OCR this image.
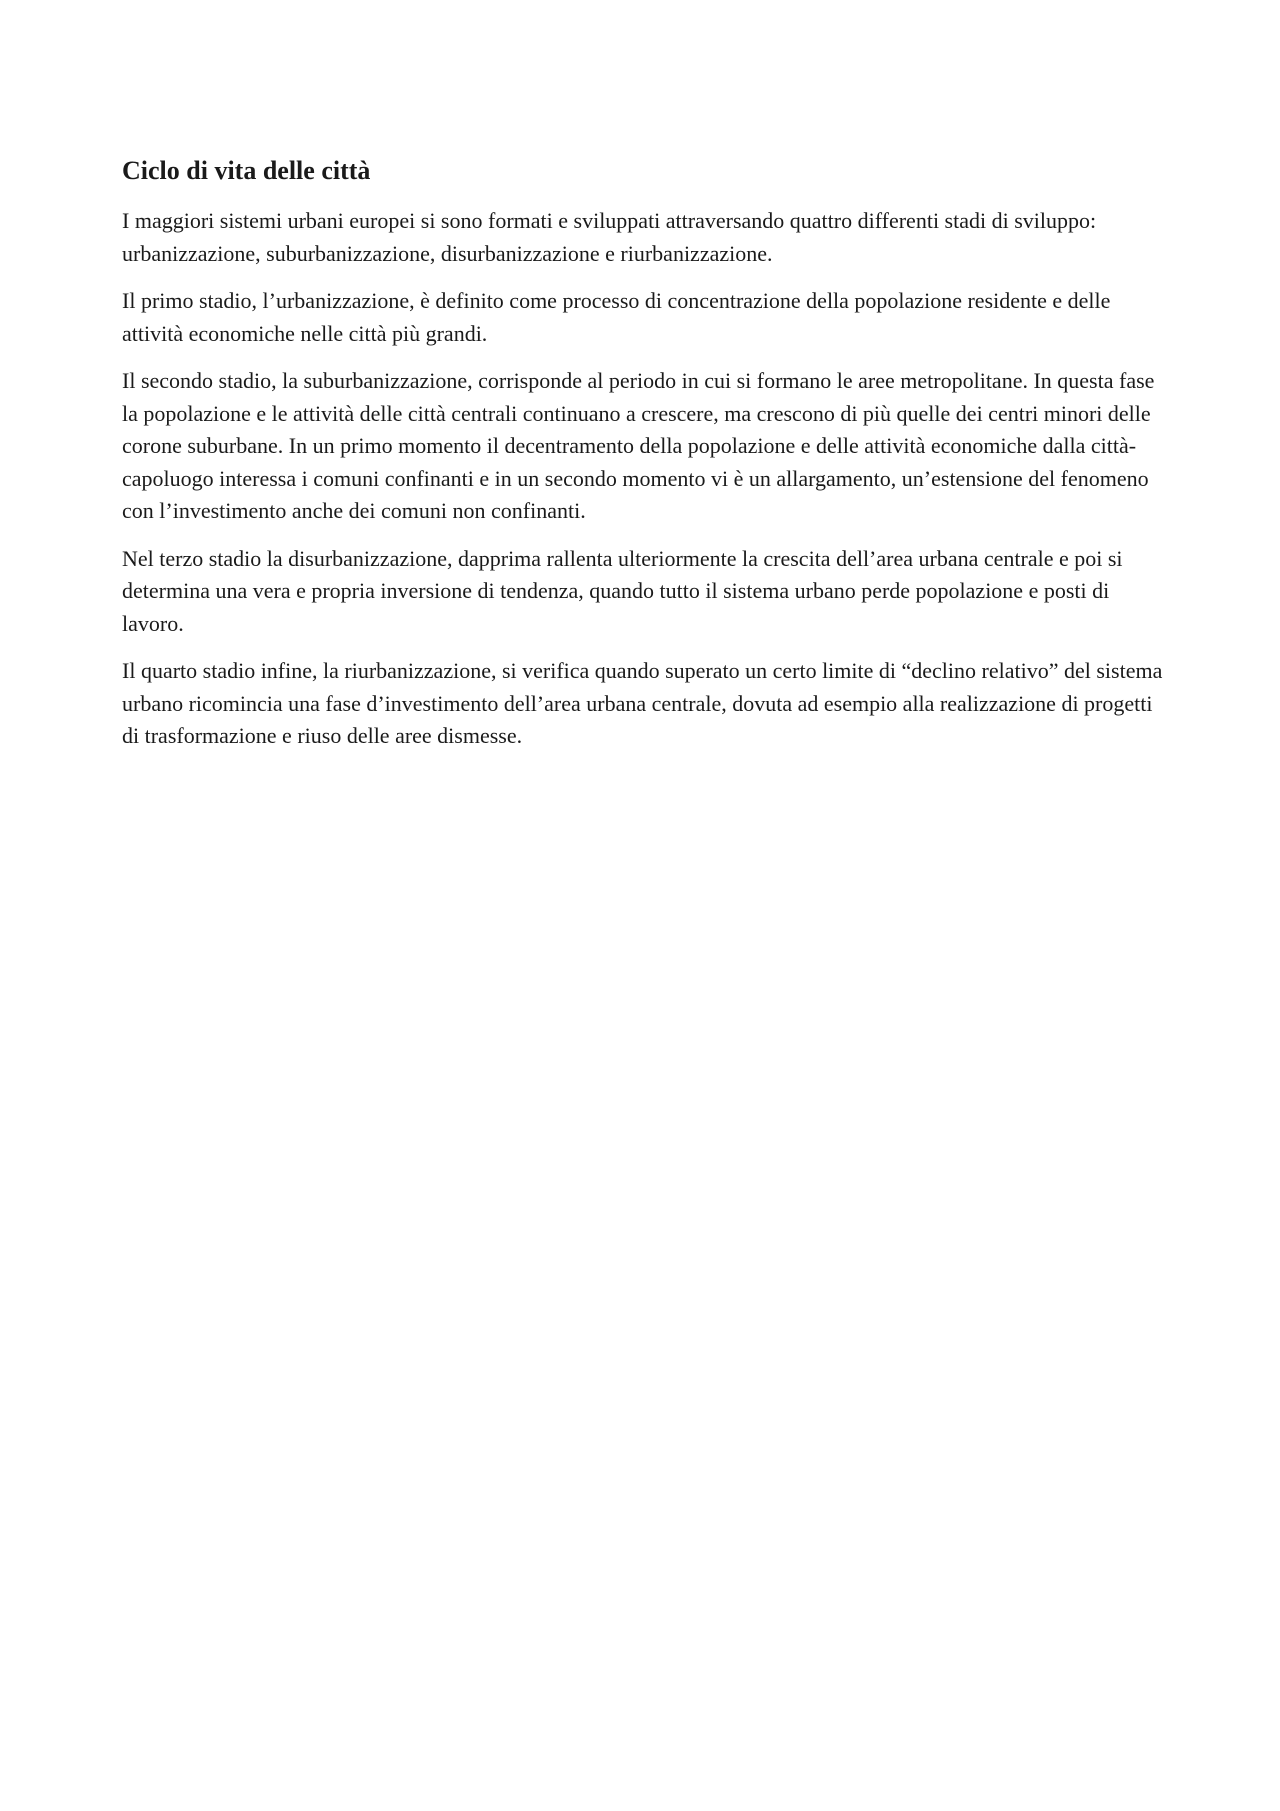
Ciclo di vita delle città

I maggiori sistemi urbani europei si sono formati e sviluppati attraversando quattro differenti stadi di sviluppo: urbanizzazione, suburbanizzazione, disurbanizzazione e riurbanizzazione.

Il primo stadio, l’urbanizzazione, è definito come processo di concentrazione della popolazione residente e delle attività economiche nelle città più grandi.

Il secondo stadio, la suburbanizzazione, corrisponde al periodo in cui si formano le aree metropolitane. In questa fase la popolazione e le attività delle città centrali continuano a crescere, ma crescono di più quelle dei centri minori delle corone suburbane. In un primo momento il decentramento della popolazione e delle attività economiche dalla città-capoluogo interessa i comuni confinanti e in un secondo momento vi è un allargamento, un’estensione del fenomeno con l’investimento anche dei comuni non confinanti.

Nel terzo stadio la disurbanizzazione, dapprima rallenta ulteriormente la crescita dell’area urbana centrale e poi si determina una vera e propria inversione di tendenza, quando tutto il sistema urbano perde popolazione e posti di lavoro.

Il quarto stadio infine, la riurbanizzazione, si verifica quando superato un certo limite di “declino relativo” del sistema urbano ricomincia una fase d’investimento dell’area urbana centrale, dovuta ad esempio alla realizzazione di progetti di trasformazione e riuso delle aree dismesse.
